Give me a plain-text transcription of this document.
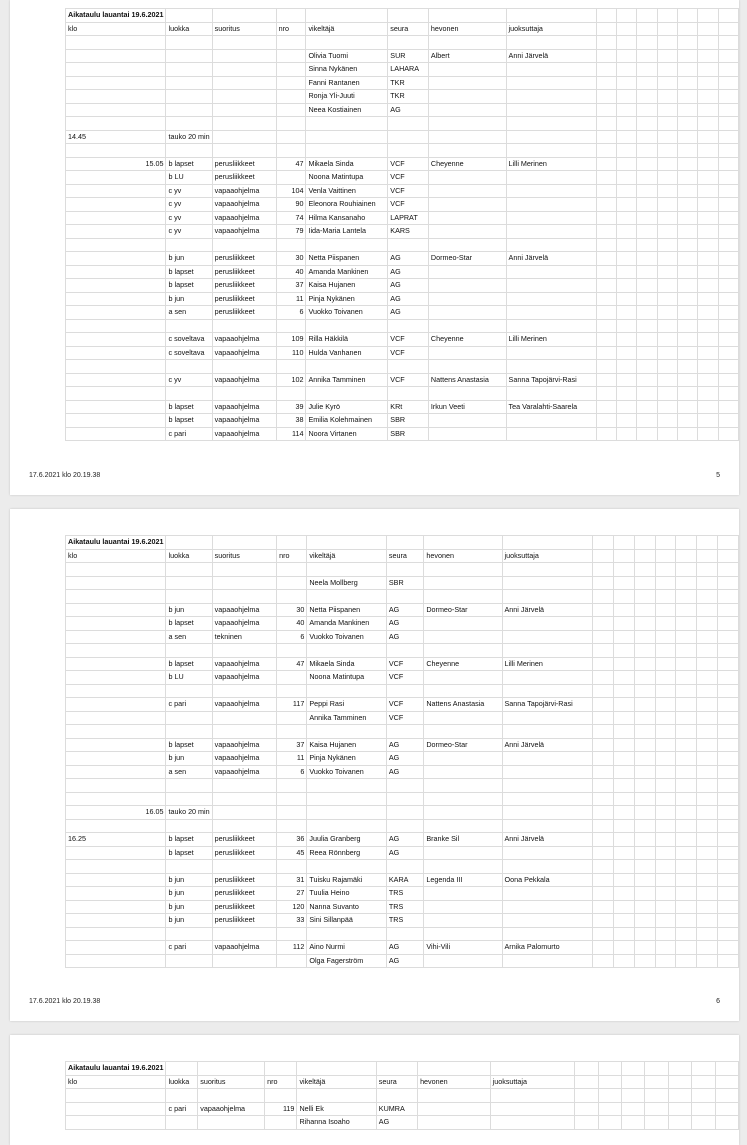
Aikataulu lauantai 19.6.2021														
klo	luokka	suoritus	nro	vikeltäjä	seura	hevonen	juoksuttaja							

				Olivia Tuomi	SUR	Albert	Anni Järvelä							
				Sinna Nykänen	LAHARA									
				Fanni Rantanen	TKR									
				Ronja Yli-Juuti	TKR									
				Neea Kostiainen	AG									

14.45	tauko 20 min													

15.05	b lapset	perusliikkeet	47	Mikaela Sinda	VCF	Cheyenne	Lilli Merinen							
	b LU	perusliikkeet		Noona Matintupa	VCF									
	c yv	vapaaohjelma	104	Venla Vaittinen	VCF									
	c yv	vapaaohjelma	90	Eleonora Rouhiainen	VCF									
	c yv	vapaaohjelma	74	Hilma Kansanaho	LAPRAT									
	c yv	vapaaohjelma	79	Iida-Maria Lantela	KARS									

	b jun	perusliikkeet	30	Netta Piispanen	AG	Dormeo-Star	Anni Järvelä							
	b lapset	perusliikkeet	40	Amanda Mankinen	AG									
	b lapset	perusliikkeet	37	Kaisa Hujanen	AG									
	b jun	perusliikkeet	11	Pinja Nykänen	AG									
	a sen	perusliikkeet	6	Vuokko Toivanen	AG									

	c soveltava	vapaaohjelma	109	Rilla Häkkilä	VCF	Cheyenne	Lilli Merinen							
	c soveltava	vapaaohjelma	110	Hulda Vanhanen	VCF									

	c yv	vapaaohjelma	102	Annika Tamminen	VCF	Nattens Anastasia	Sanna Tapojärvi-Rasi							

	b lapset	vapaaohjelma	39	Julie Kyrö	KRt	Irkun Veeti	Tea Varalahti-Saarela							
	b lapset	vapaaohjelma	38	Emilia Kolehmainen	SBR									
	c pari	vapaaohjelma	114	Noora Virtanen	SBR									
17.6.2021 klo 20.19.38	5
Aikataulu lauantai 19.6.2021														
klo	luokka	suoritus	nro	vikeltäjä	seura	hevonen	juoksuttaja							

				Neela Mollberg	SBR									

	b jun	vapaaohjelma	30	Netta Piispanen	AG	Dormeo-Star	Anni Järvelä							
	b lapset	vapaaohjelma	40	Amanda Mankinen	AG									
	a sen	tekninen	6	Vuokko Toivanen	AG									

	b lapset	vapaaohjelma	47	Mikaela Sinda	VCF	Cheyenne	Lilli Merinen							
	b LU	vapaaohjelma		Noona Matintupa	VCF									

	c pari	vapaaohjelma	117	Peppi Rasi	VCF	Nattens Anastasia	Sanna Tapojärvi-Rasi							
				Annika Tamminen	VCF									

	b lapset	vapaaohjelma	37	Kaisa Hujanen	AG	Dormeo-Star	Anni Järvelä							
	b jun	vapaaohjelma	11	Pinja Nykänen	AG									
	a sen	vapaaohjelma	6	Vuokko Toivanen	AG									

16.05	tauko 20 min													

16.25	b lapset	perusliikkeet	36	Juulia Granberg	AG	Branke Sil	Anni Järvelä							
	b lapset	perusliikkeet	45	Reea Rönnberg	AG									

	b jun	perusliikkeet	31	Tuisku Rajamäki	KARA	Legenda III	Oona Pekkala							
	b jun	perusliikkeet	27	Tuulia Heino	TRS									
	b jun	perusliikkeet	120	Nanna Suvanto	TRS									
	b jun	perusliikkeet	33	Sini Sillanpää	TRS									

	c pari	vapaaohjelma	112	Aino Nurmi	AG	Vihi-Vili	Arnika Palomurto							
				Olga Fagerström	AG									
17.6.2021 klo 20.19.38	6
Aikataulu lauantai 19.6.2021														
klo	luokka	suoritus	nro	vikeltäjä	seura	hevonen	juoksuttaja							

	c pari	vapaaohjelma	119	Nelli Ek	KUMRA									
				Rihanna Isoaho	AG									
